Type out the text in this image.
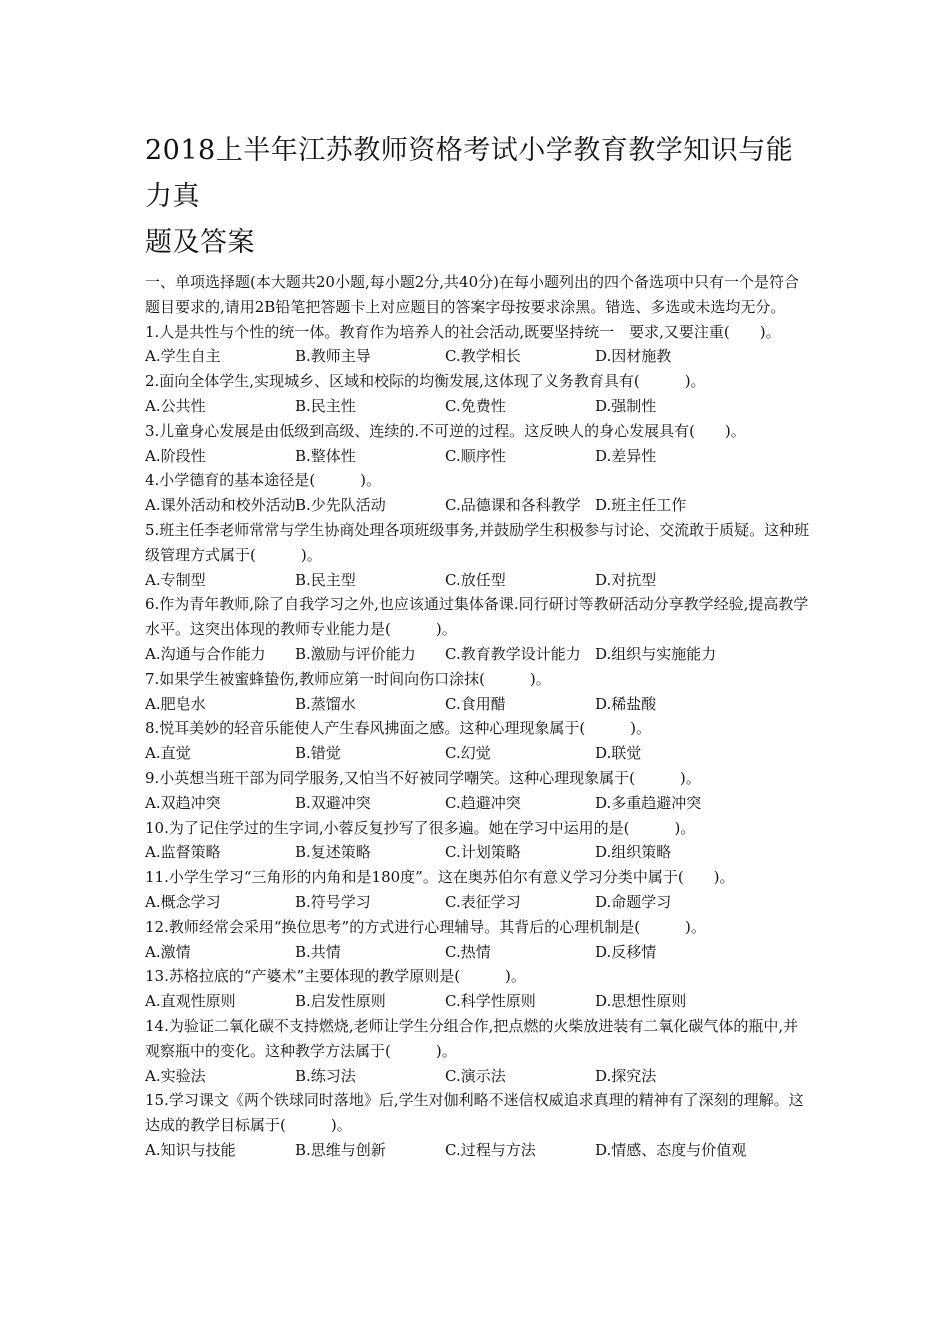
2018上半年江苏教师资格考试小学教育教学知识与能力真
题及答案

一、单项选择题(本大题共20小题,每小题2分,共40分)在每小题列出的四个备选项中只有一个是符合题目要求的,请用2B铅笔把答题卡上对应题目的答案字母按要求涂黑。错选、多选或未选均无分。

1.人是共性与个性的统一体。教育作为培养人的社会活动,既要坚持统一　要求,又要注重(　　)。
A.学生自主	B.教师主导	C.教学相长	D.因材施教
2.面向全体学生,实现城乡、区域和校际的均衡发展,这体现了义务教育具有(　　　)。
A.公共性	B.民主性	C.免费性	D.强制性
3.儿童身心发展是由低级到高级、连续的.不可逆的过程。这反映人的身心发展具有(　　)。
A.阶段性	B.整体性	C.顺序性	D.差异性
4.小学德育的基本途径是(　　　)。
A.课外活动和校外活动 B.少先队活动	C.品德课和各科教学 D.班主任工作
5.班主任李老师常常与学生协商处理各项班级事务,并鼓励学生积极参与讨论、交流敢于质疑。这种班级管理方式属于(　　　)。
A.专制型	B.民主型	C.放任型	D.对抗型
6.作为青年教师,除了自我学习之外,也应该通过集体备课.同行研讨等教研活动分享教学经验,提高教学水平。这突出体现的教师专业能力是(　　　)。
A.沟通与合作能力	B.激励与评价能力	C.教育教学设计能力 D.组织与实施能力
7.如果学生被蜜蜂蛰伤,教师应第一时间向伤口涂抹(　　　)。
A.肥皂水	B.蒸馏水	C.食用醋	D.稀盐酸
8.悦耳美妙的轻音乐能使人产生春风拂面之感。这种心理现象属于(　　　)。
A.直觉	B.错觉	C.幻觉	D.联觉
9.小英想当班干部为同学服务,又怕当不好被同学嘲笑。这种心理现象属于(　　　)。
A.双趋冲突	B.双避冲突	C.趋避冲突	D.多重趋避冲突
10.为了记住学过的生字词,小蓉反复抄写了很多遍。她在学习中运用的是(　　　)。
A.监督策略	B.复述策略	C.计划策略	D.组织策略
11.小学生学习“三角形的内角和是180度”。这在奥苏伯尔有意义学习分类中属于(　　)。
A.概念学习	B.符号学习	C.表征学习	D.命题学习
12.教师经常会采用“换位思考”的方式进行心理辅导。其背后的心理机制是(　　　)。
A.激情	B.共情	C.热情	D.反移情
13.苏格拉底的“产婆术”主要体现的教学原则是(　　　)。
A.直观性原则	B.启发性原则	C.科学性原则	D.思想性原则
14.为验证二氧化碳不支持燃烧,老师让学生分组合作,把点燃的火柴放进装有二氧化碳气体的瓶中,并观察瓶中的变化。这种教学方法属于(　　　)。
A.实验法	B.练习法	C.演示法	D.探究法
15.学习课文《两个铁球同时落地》后,学生对伽利略不迷信权威追求真理的精神有了深刻的理解。这达成的教学目标属于(　　　)。
A.知识与技能	B.思维与创新	C.过程与方法	D.情感、态度与价值观
